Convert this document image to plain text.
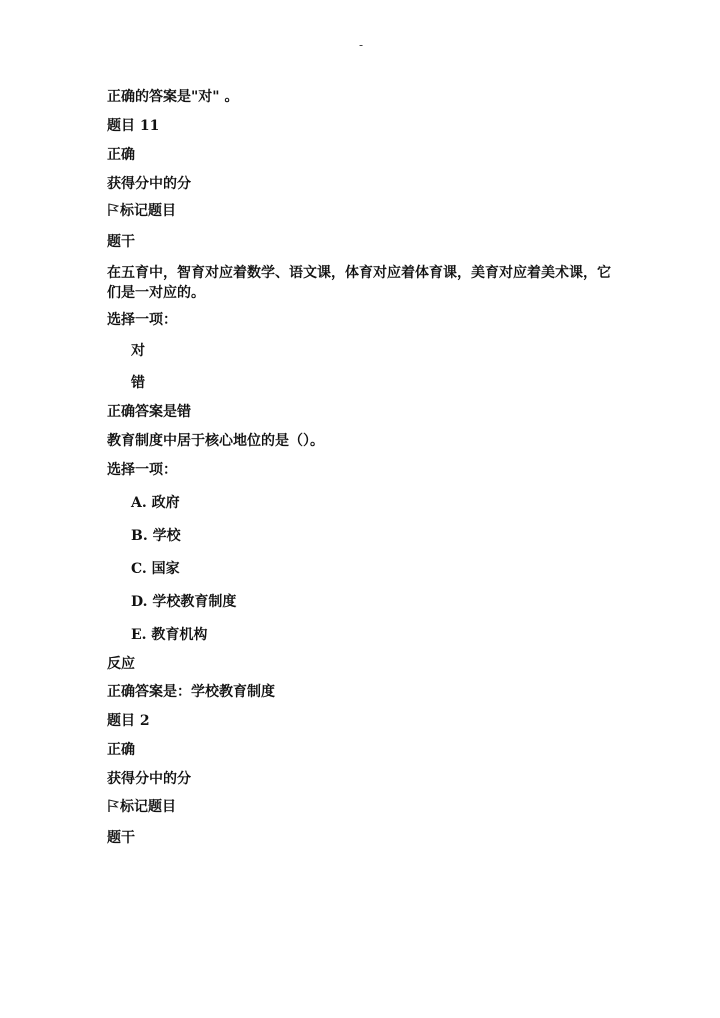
-
正确的答案是"对" 。
题目 11
正确
获得分中的分
标记题目
题干
在五育中，智育对应着数学、语文课，体育对应着体育课，美育对应着美术课，它们是一对应的。
选择一项：
对
错
正确答案是错
教育制度中居于核心地位的是（）。
选择一项：
A. 政府
B. 学校
C. 国家
D. 学校教育制度
E. 教育机构
反应
正确答案是：学校教育制度
题目 2
正确
获得分中的分
标记题目
题干
